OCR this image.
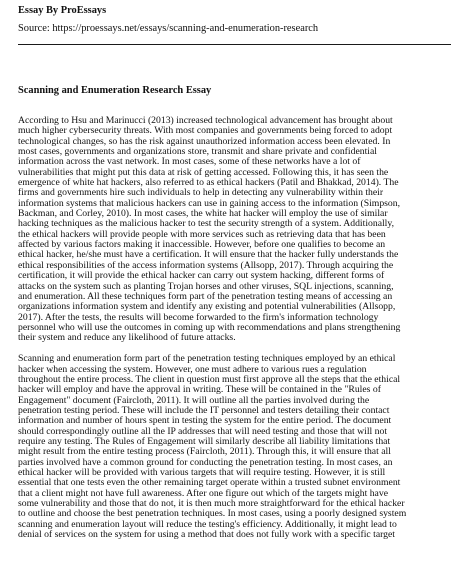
Essay By ProEssays
Source: https://proessays.net/essays/scanning-and-enumeration-research
Scanning and Enumeration Research Essay
According to Hsu and Marinucci (2013) increased technological advancement has brought about
much higher cybersecurity threats. With most companies and governments being forced to adopt
technological changes, so has the risk against unauthorized information access been elevated. In
most cases, governments and organizations store, transmit and share private and confidential
information across the vast network. In most cases, some of these networks have a lot of
vulnerabilities that might put this data at risk of getting accessed. Following this, it has seen the
emergence of white hat hackers, also referred to as ethical hackers (Patil and Bhakkad, 2014). The
firms and governments hire such individuals to help in detecting any vulnerability within their
information systems that malicious hackers can use in gaining access to the information (Simpson,
Backman, and Corley, 2010). In most cases, the white hat hacker will employ the use of similar
hacking techniques as the malicious hacker to test the security strength of a system. Additionally,
the ethical hackers will provide people with more services such as retrieving data that has been
affected by various factors making it inaccessible. However, before one qualifies to become an
ethical hacker, he/she must have a certification. It will ensure that the hacker fully understands the
ethical responsibilities of the access information systems (Allsopp, 2017). Through acquiring the
certification, it will provide the ethical hacker can carry out system hacking, different forms of
attacks on the system such as planting Trojan horses and other viruses, SQL injections, scanning,
and enumeration. All these techniques form part of the penetration testing means of accessing an
organizations information system and identify any existing and potential vulnerabilities (Allsopp,
2017). After the tests, the results will become forwarded to the firm's information technology
personnel who will use the outcomes in coming up with recommendations and plans strengthening
their system and reduce any likelihood of future attacks.
Scanning and enumeration form part of the penetration testing techniques employed by an ethical
hacker when accessing the system. However, one must adhere to various rues a regulation
throughout the entire process. The client in question must first approve all the steps that the ethical
hacker will employ and have the approval in writing. These will be contained in the "Rules of
Engagement" document (Faircloth, 2011). It will outline all the parties involved during the
penetration testing period. These will include the IT personnel and testers detailing their contact
information and number of hours spent in testing the system for the entire period. The document
should correspondingly outline all the IP addresses that will need testing and those that will not
require any testing. The Rules of Engagement will similarly describe all liability limitations that
might result from the entire testing process (Faircloth, 2011). Through this, it will ensure that all
parties involved have a common ground for conducting the penetration testing. In most cases, an
ethical hacker will be provided with various targets that will require testing. However, it is still
essential that one tests even the other remaining target operate within a trusted subnet environment
that a client might not have full awareness. After one figure out which of the targets might have
some vulnerability and those that do not, it is then much more straightforward for the ethical hacker
to outline and choose the best penetration techniques. In most cases, using a poorly designed system
scanning and enumeration layout will reduce the testing's efficiency. Additionally, it might lead to
denial of services on the system for using a method that does not fully work with a specific target
